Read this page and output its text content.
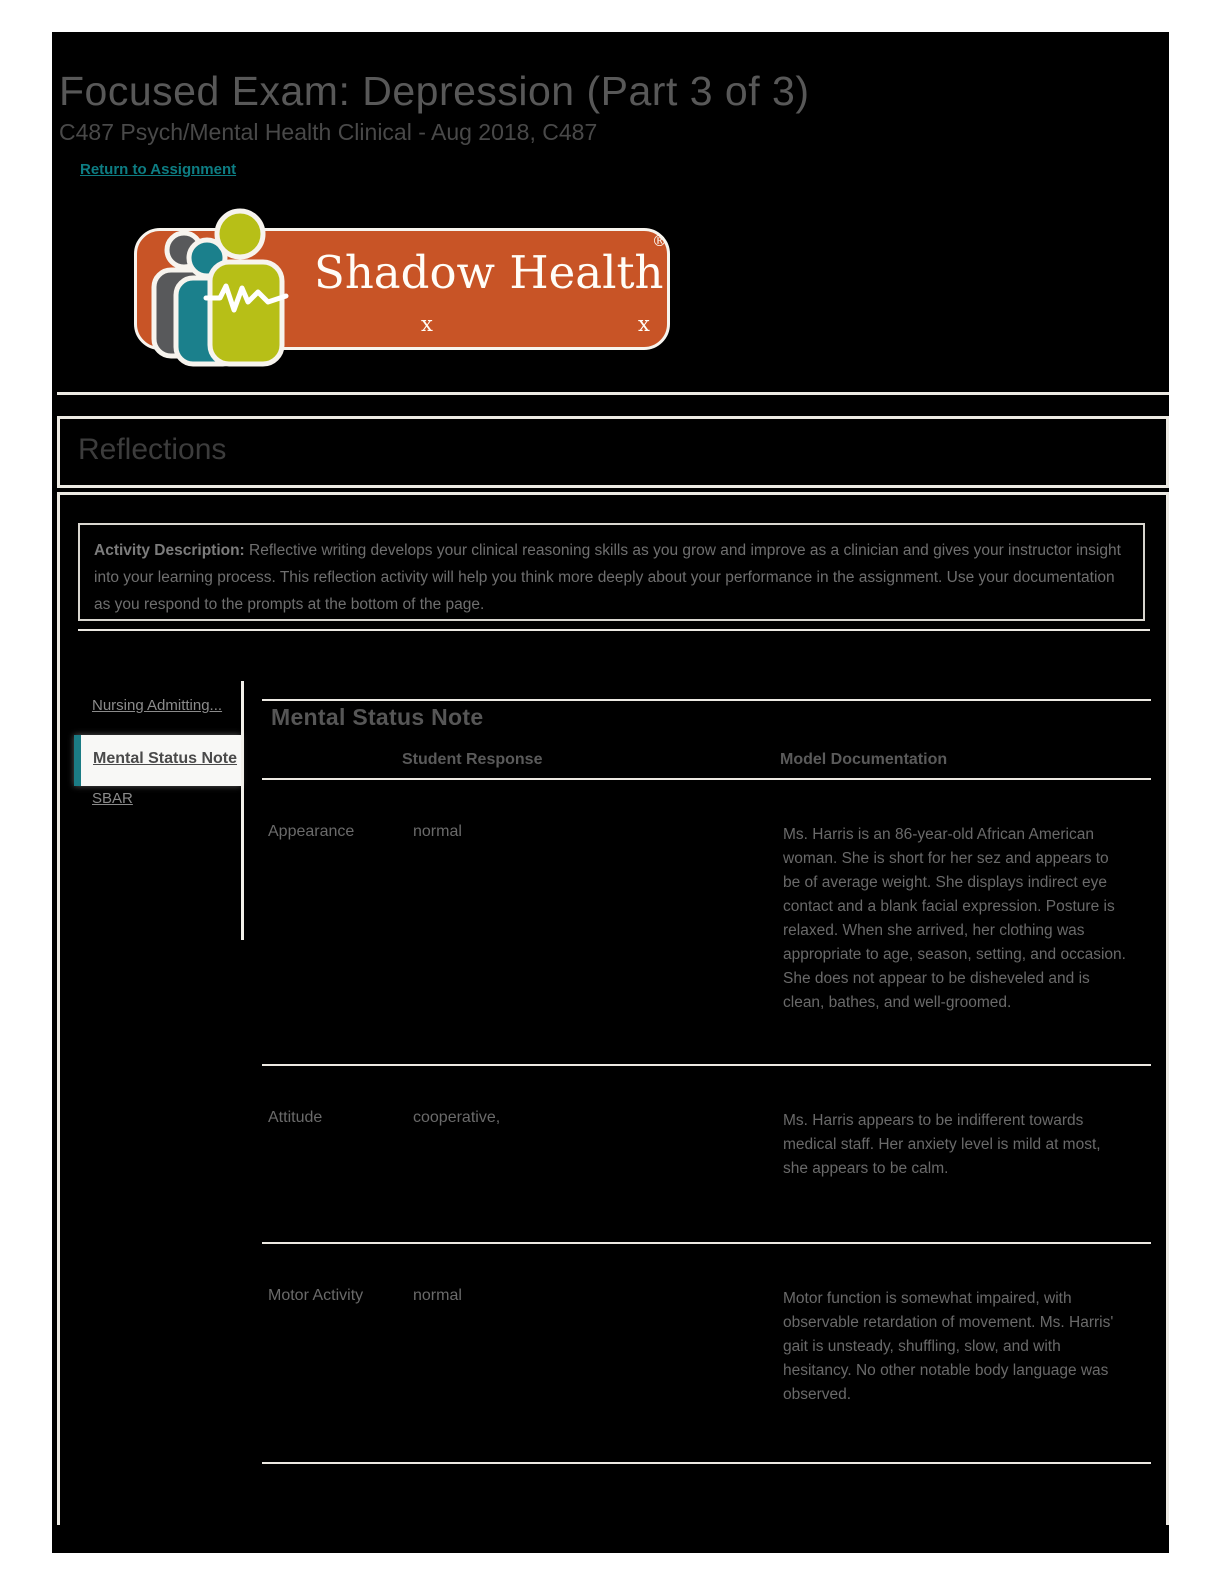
Focused Exam: Depression (Part 3 of 3)
C487 Psych/Mental Health Clinical - Aug 2018, C487
Return to Assignment
Shadow Health
x	x
®
Reflections
Activity Description: Reflective writing develops your clinical reasoning skills as you grow and improve as a clinician and gives your instructor insight into your learning process. This reflection activity will help you think more deeply about your performance in the assignment. Use your documentation as you respond to the prompts at the bottom of the page.
Nursing Admitting...
Mental Status Note
SBAR
Mental Status Note
Student Response	Model Documentation
Appearance	normal	Ms. Harris is an 86-year-old African American woman. She is short for her sez and appears to be of average weight. She displays indirect eye contact and a blank facial expression. Posture is relaxed. When she arrived, her clothing was appropriate to age, season, setting, and occasion. She does not appear to be disheveled and is clean, bathes, and well-groomed.
Attitude	cooperative,	Ms. Harris appears to be indifferent towards medical staff. Her anxiety level is mild at most, she appears to be calm.
Motor Activity	normal	Motor function is somewhat impaired, with observable retardation of movement. Ms. Harris' gait is unsteady, shuffling, slow, and with hesitancy. No other notable body language was observed.
